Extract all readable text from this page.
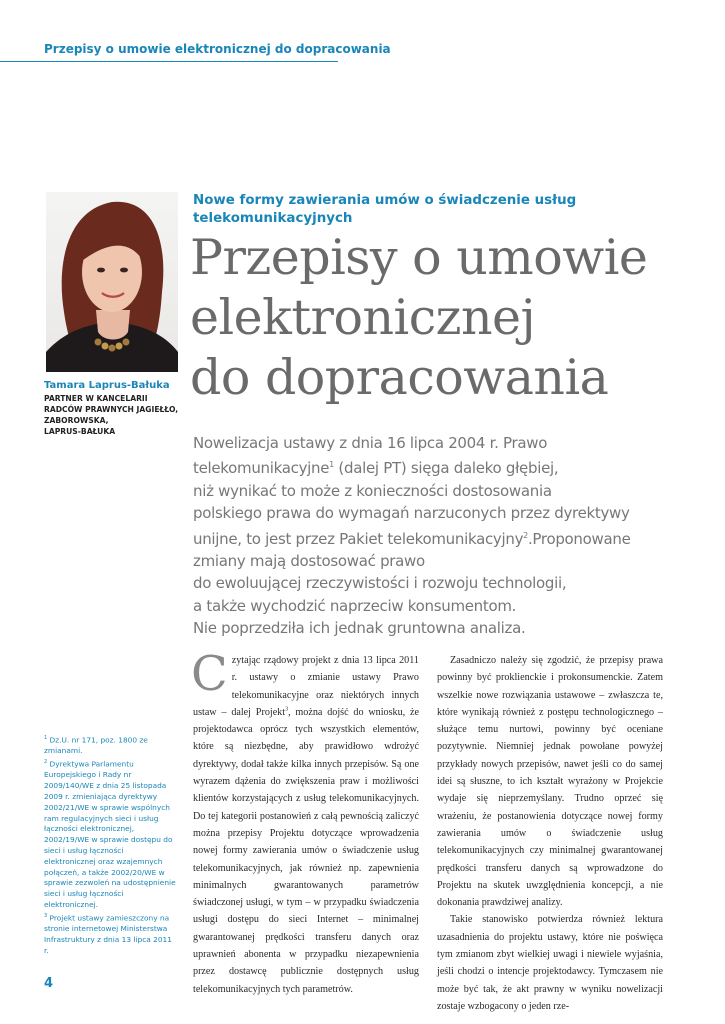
Przepisy o umowie elektronicznej do dopracowania
Tamara Laprus-Bałuka
PARTNER W KANCELARII
RADCÓW PRAWNYCH JAGIEŁŁO,
ZABOROWSKA,
LAPRUS-BAŁUKA
Nowe formy zawierania umów o świadczenie usług
telekomunikacyjnych
Przepisy o umowie
elektronicznej
do dopracowania
Nowelizacja ustawy z dnia 16 lipca 2004 r. Prawo
telekomunikacyjne$^1$ (dalej PT) sięga daleko głębiej,
niż wynikać to może z konieczności dostosowania
polskiego prawa do wymagań narzuconych przez dyrektywy
unijne, to jest przez Pakiet telekomunikacyjny$^2$.Proponowane
zmiany mają dostosować prawo
do ewoluującej rzeczywistości i rozwoju technologii,
a także wychodzić naprzeciw konsumentom.
Nie poprzedziła ich jednak gruntowna analiza.

$^1$ Dz.U. nr 171, poz. 1800 ze zmianami.

$^2$ Dyrektywa Parlamentu Europejskiego i Rady nr 2009/140/WE z dnia 25 listopada 2009 r. zmieniająca dyrektywy 2002/21/WE w sprawie wspólnych ram regulacyjnych sieci i usług łączności elektronicznej, 2002/19/WE w sprawie dostępu do sieci i usług łączności elektronicznej oraz wzajemnych połączeń, a także 2002/20/WE w sprawie zezwoleń na udostępnienie sieci i usług łączności elektronicznej.

$^3$ Projekt ustawy zamieszczony na stronie internetowej Ministerstwa Infrastruktury z dnia 13 lipca 2011 r.

Czytając rządowy projekt z dnia 13 lipca 2011 r. ustawy o zmianie ustawy Prawo telekomunikacyjne oraz niektórych innych ustaw – dalej Projekt$^3$, można dojść do wniosku, że projektodawca oprócz tych wszystkich elementów, które są niezbędne, aby prawidłowo wdrożyć dyrektywy, dodał także kilka innych przepisów. Są one wyrazem dążenia do zwiększenia praw i możliwości klientów korzystających z usług telekomunikacyjnych. Do tej kategorii postanowień z całą pewnością zaliczyć można przepisy Projektu dotyczące wprowadzenia nowej formy zawierania umów o świadczenie usług telekomunikacyjnych, jak również np. zapewnienia minimalnych gwarantowanych parametrów świadczonej usługi, w tym – w przypadku świadczenia usługi dostępu do sieci Internet – minimalnej gwarantowanej prędkości transferu danych oraz uprawnień abonenta w przypadku niezapewnienia przez dostawcę publicznie dostępnych usług telekomunikacyjnych tych parametrów.

Zasadniczo należy się zgodzić, że przepisy prawa powinny być proklienckie i prokonsumenckie. Zatem wszelkie nowe rozwiązania ustawowe – zwłaszcza te, które wynikają również z postępu technologicznego – służące temu nurtowi, powinny być oceniane pozytywnie. Niemniej jednak powołane powyżej przykłady nowych przepisów, nawet jeśli co do samej idei są słuszne, to ich kształt wyrażony w Projekcie wydaje się nieprzemyślany. Trudno oprzeć się wrażeniu, że postanowienia dotyczące nowej formy zawierania umów o świadczenie usług telekomunikacyjnych czy minimalnej gwarantowanej prędkości transferu danych są wprowadzone do Projektu na skutek uwzględnienia koncepcji, a nie dokonania prawdziwej analizy.

Takie stanowisko potwierdza również lektura uzasadnienia do projektu ustawy, które nie poświęca tym zmianom zbyt wielkiej uwagi i niewiele wyjaśnia, jeśli chodzi o intencje projektodawcy. Tymczasem nie może być tak, że akt prawny w wyniku nowelizacji zostaje wzbogacony o jeden rze-

4
